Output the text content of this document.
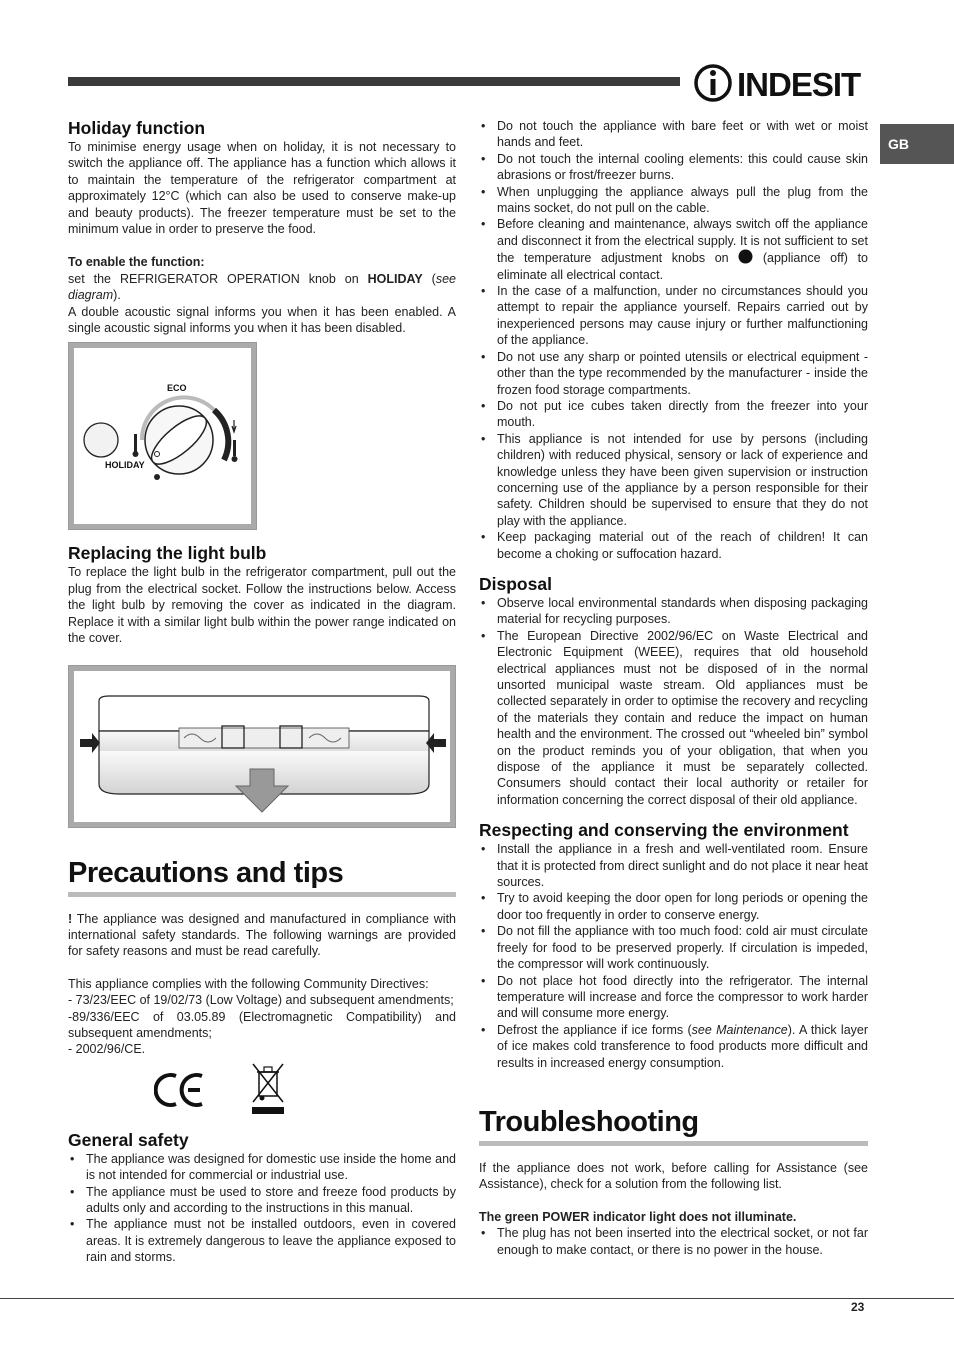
INDESIT
GB
Holiday function

To minimise energy usage when on holiday, it is not necessary to switch the appliance off. The appliance has a function which allows it to maintain the temperature of the refrigerator compartment at approximately 12°C (which can also be used to conserve make-up and beauty products). The freezer temperature must be set to the minimum value in order to preserve the food.

To enable the function:

set the REFRIGERATOR OPERATION knob on HOLIDAY (see diagram).

A double acoustic signal informs you when it has been enabled. A single acoustic signal informs you when it has been disabled.

ECO
HOLIDAY
Replacing the light bulb

To replace the light bulb in the refrigerator compartment, pull out the plug from the electrical socket. Follow the instructions below. Access the light bulb by removing the cover as indicated in the diagram. Replace it with a similar light bulb within the power range indicated on the cover.

Precautions and tips

! The appliance was designed and manufactured in compliance with international safety standards. The following warnings are provided for safety reasons and must be read carefully.

This appliance complies with the following Community Directives:

- 73/23/EEC of 19/02/73 (Low Voltage) and subsequent amendments;

-89/336/EEC of 03.05.89 (Electromagnetic Compatibility) and subsequent amendments;

- 2002/96/CE.

General safety
• The appliance was designed for domestic use inside the home and is not intended for commercial or industrial use.
• The appliance must be used to store and freeze food products by adults only and according to the instructions in this manual.
• The appliance must not be installed outdoors, even in covered areas. It is extremely dangerous to leave the appliance exposed to rain and storms.
• Do not touch the appliance with bare feet or with wet or moist hands and feet.
• Do not touch the internal cooling elements: this could cause skin abrasions or frost/freezer burns.
• When unplugging the appliance always pull the plug from the mains socket, do not pull on the cable.
• Before cleaning and maintenance, always switch off the appliance and disconnect it from the electrical supply. It is not sufficient to set the temperature adjustment knobs on  (appliance off) to eliminate all electrical contact.
• In the case of a malfunction, under no circumstances should you attempt to repair the appliance yourself. Repairs carried out by inexperienced persons may cause injury or further malfunctioning of the appliance.
• Do not use any sharp or pointed utensils or electrical equipment - other than the type recommended by the manufacturer - inside the frozen food storage compartments.
• Do not put ice cubes taken directly from the freezer into your mouth.
• This appliance is not intended for use by persons (including children) with reduced physical, sensory or lack of experience and knowledge unless they have been given supervision or instruction concerning use of the appliance by a person responsible for their safety. Children should be supervised to ensure that they do not play with the appliance.
• Keep packaging material out of the reach of children! It can become a choking or suffocation hazard.
Disposal
• Observe local environmental standards when disposing packaging material for recycling purposes.
• The European Directive 2002/96/EC on Waste Electrical and Electronic Equipment (WEEE), requires that old household electrical appliances must not be disposed of in the normal unsorted municipal waste stream. Old appliances must be collected separately in order to optimise the recovery and recycling of the materials they contain and reduce the impact on human health and the environment. The crossed out “wheeled bin” symbol on the product reminds you of your obligation, that when you dispose of the appliance it must be separately collected. Consumers should contact their local authority or retailer for information concerning the correct disposal of their old appliance.
Respecting and conserving the environment
• Install the appliance in a fresh and well-ventilated room. Ensure that it is protected from direct sunlight and do not place it near heat sources.
• Try to avoid keeping the door open for long periods or opening the door too frequently in order to conserve energy.
• Do not fill the appliance with too much food: cold air must circulate freely for food to be preserved properly. If circulation is impeded, the compressor will work continuously.
• Do not place hot food directly into the refrigerator. The internal temperature will increase and force the compressor to work harder and will consume more energy.
• Defrost the appliance if ice forms (see Maintenance). A thick layer of ice makes cold transference to food products more difficult and results in increased energy consumption.
Troubleshooting

If the appliance does not work, before calling for Assistance (see Assistance), check for a solution from the following list.

The green POWER indicator light does not illuminate.

• The plug has not been inserted into the electrical socket, or not far enough to make contact, or there is no power in the house.
23
